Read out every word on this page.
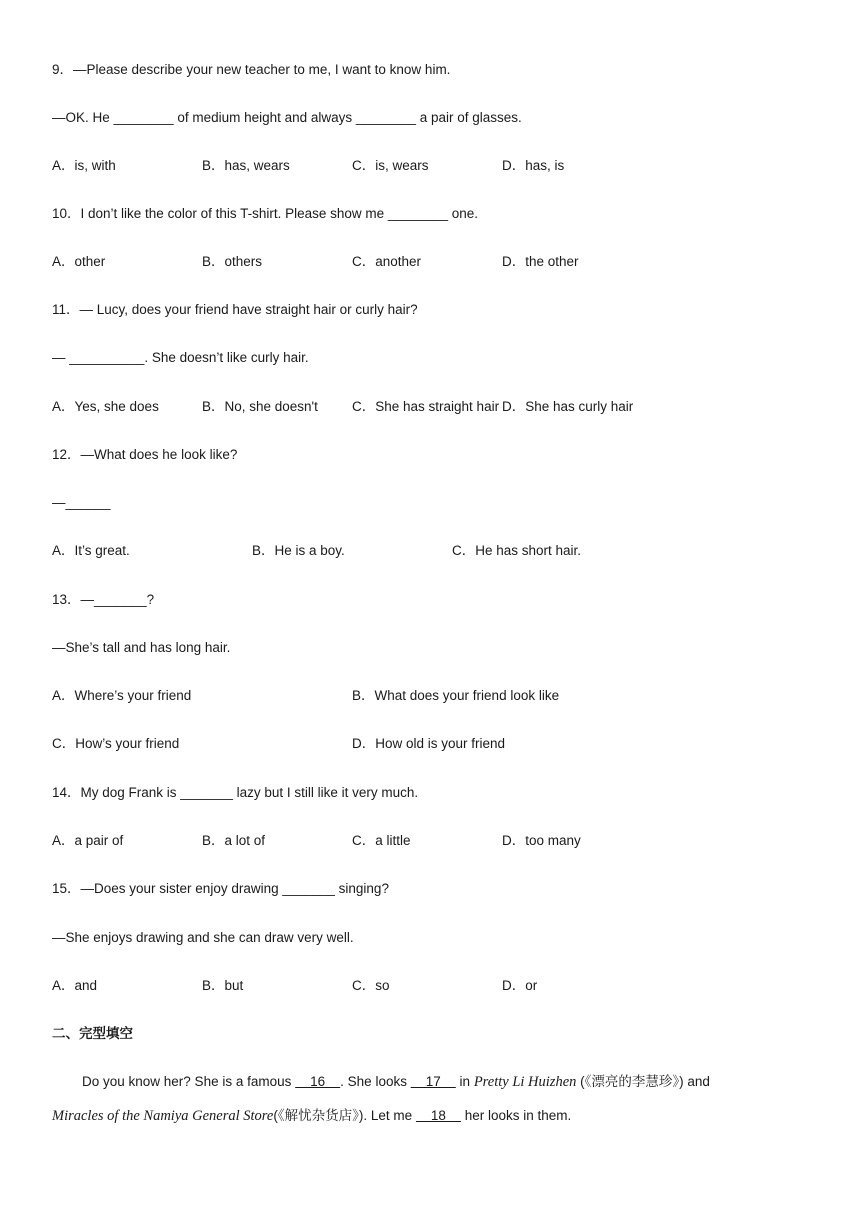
9．—Please describe your new teacher to me, I want to know him.
—OK. He ________ of medium height and always ________ a pair of glasses.
A．is, with	B．has, wears	C．is, wears	D．has, is
10．I don’t like the color of this T-shirt. Please show me ________ one.
A．other	B．others	C．another	D．the other
11．— Lucy, does your friend have straight hair or curly hair?
— __________. She doesn’t like curly hair.
A．Yes, she does	B．No, she doesn't	C．She has straight hair D．She has curly hair
12．—What does he look like?
—______
A．It’s great.	B．He is a boy.	C．He has short hair.
13．—_______?
—She’s tall and has long hair.
A．Where’s your friend	B．What does your friend look like
C．How’s your friend	D．How old is your friend
14．My dog Frank is _______ lazy but I still like it very much.
A．a pair of	B．a lot of	C．a little	D．too many
15．—Does your sister enjoy drawing _______ singing?
—She enjoys drawing and she can draw very well.
A．and	B．but	C．so	D．or
二、完型填空
Do you know her? She is a famous     16    . She looks     17     in Pretty Li Huizhen (《漂亮的李慧珍》) and
Miracles of the Namiya General Store(《解忧杂货店》). Let me     18     her looks in them.
